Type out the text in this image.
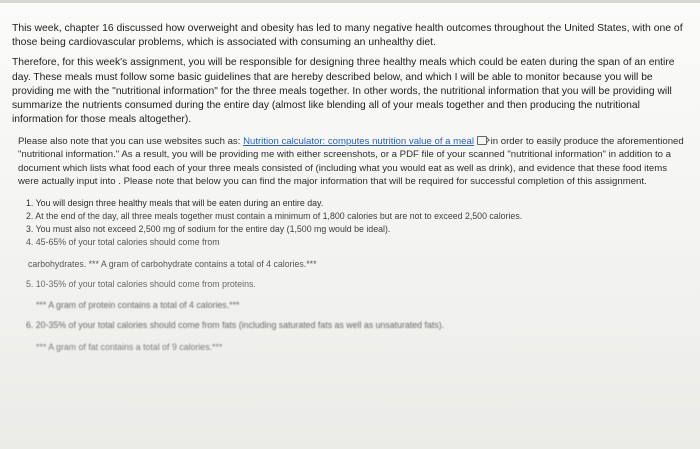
This week, chapter 16 discussed how overweight and obesity has led to many negative health outcomes throughout the United States, with one of those being cardiovascular problems, which is associated with consuming an unhealthy diet.

Therefore, for this week's assignment, you will be responsible for designing three healthy meals which could be eaten during the span of an entire day. These meals must follow some basic guidelines that are hereby described below, and which I will be able to monitor because you will be providing me with the "nutritional information" for the three meals together. In other words, the nutritional information that you will be providing will summarize the nutrients consumed during the entire day (almost like blending all of your meals together and then producing the nutritional information for those meals altogether).

Please also note that you can use websites such as: Nutrition calculator: computes nutrition value of a meal in order to easily produce the aforementioned "nutritional information." As a result, you will be providing me with either screenshots, or a PDF file of your scanned "nutritional information" in addition to a document which lists what food each of your three meals consisted of (including what you would eat as well as drink), and evidence that these food items were actually input into . Please note that below you can find the major information that will be required for successful completion of this assignment.

1. You will design three healthy meals that will be eaten during an entire day.
2. At the end of the day, all three meals together must contain a minimum of 1,800 calories but are not to exceed 2,500 calories.
3. You must also not exceed 2,500 mg of sodium for the entire day (1,500 mg would be ideal).
4. 45-65% of your total calories should come from
carbohydrates. *** A gram of carbohydrate contains a total of 4 calories.***
5. 10-35% of your total calories should come from proteins.
*** A gram of protein contains a total of 4 calories.***
6. 20-35% of your total calories should come from fats (including saturated fats as well as unsaturated fats).
*** A gram of fat contains a total of 9 calories.***
